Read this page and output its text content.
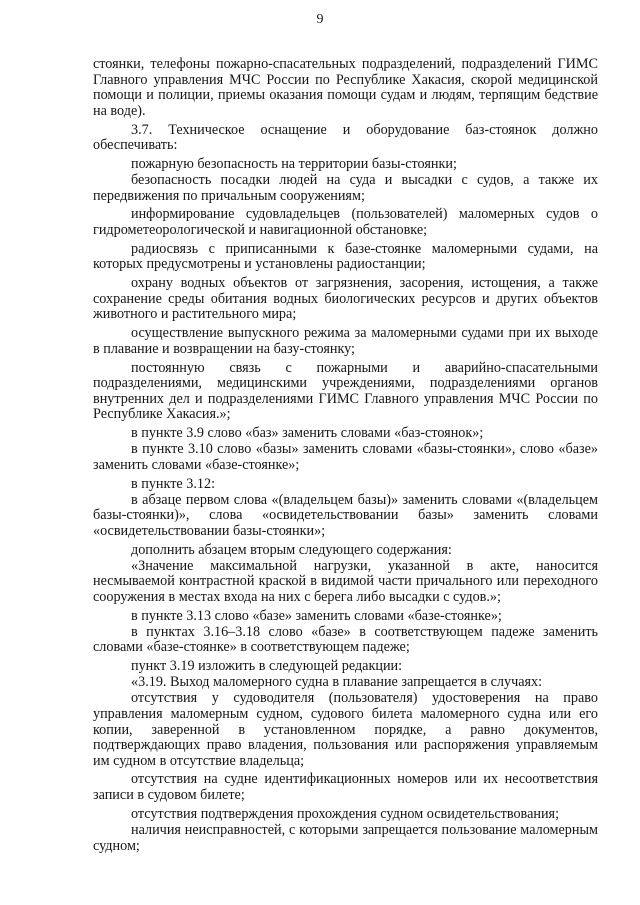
9

стоянки, телефоны пожарно-спасательных подразделений, подразделений ГИМС Главного управления МЧС России по Республике Хакасия, скорой медицинской помощи и полиции, приемы оказания помощи судам и людям, терпящим бедствие на воде).

3.7. Техническое оснащение и оборудование баз-стоянок должно обеспечивать:

пожарную безопасность на территории базы-стоянки;

безопасность посадки людей на суда и высадки с судов, а также их передвижения по причальным сооружениям;

информирование судовладельцев (пользователей) маломерных судов о гидрометеорологической и навигационной обстановке;

радиосвязь с приписанными к базе-стоянке маломерными судами, на которых предусмотрены и установлены радиостанции;

охрану водных объектов от загрязнения, засорения, истощения, а также сохранение среды обитания водных биологических ресурсов и других объектов животного и растительного мира;

осуществление выпускного режима за маломерными судами при их выходе в плавание и возвращении на базу-стоянку;

постоянную связь с пожарными и аварийно-спасательными подразделениями, медицинскими учреждениями, подразделениями органов внутренних дел и подразделениями ГИМС Главного управления МЧС России по Республике Хакасия.»;

в пункте 3.9 слово «баз» заменить словами «баз-стоянок»;

в пункте 3.10 слово «базы» заменить словами «базы-стоянки», слово «базе» заменить словами «базе-стоянке»;

в пункте 3.12:

в абзаце первом слова «(владельцем базы)» заменить словами «(владельцем базы-стоянки)», слова «освидетельствовании базы» заменить словами «освидетельствовании базы-стоянки»;

дополнить абзацем вторым следующего содержания:

«Значение максимальной нагрузки, указанной в акте, наносится несмываемой контрастной краской в видимой части причального или переходного сооружения в местах входа на них с берега либо высадки с судов.»;

в пункте 3.13 слово «базе» заменить словами «базе-стоянке»;

в пунктах 3.16–3.18 слово «базе» в соответствующем падеже заменить словами «базе-стоянке» в соответствующем падеже;

пункт 3.19 изложить в следующей редакции:

«3.19. Выход маломерного судна в плавание запрещается в случаях:

отсутствия у судоводителя (пользователя) удостоверения на право управления маломерным судном, судового билета маломерного судна или его копии, заверенной в установленном порядке, а равно документов, подтверждающих право владения, пользования или распоряжения управляемым им судном в отсутствие владельца;

отсутствия на судне идентификационных номеров или их несоответствия записи в судовом билете;

отсутствия подтверждения прохождения судном освидетельствования;

наличия неисправностей, с которыми запрещается пользование маломерным судном;
